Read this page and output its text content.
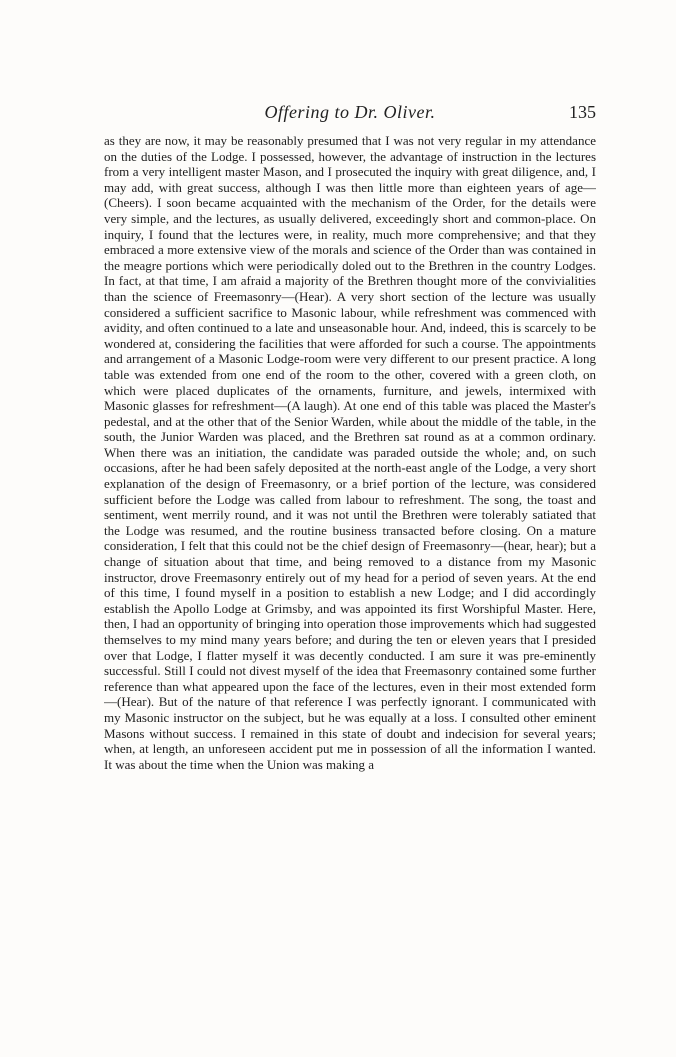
Offering to Dr. Oliver.	135

as they are now, it may be reasonably presumed that I was not very regular in my attendance on the duties of the Lodge. I possessed, however, the advantage of instruction in the lectures from a very intelligent master Mason, and I prosecuted the inquiry with great diligence, and, I may add, with great success, although I was then little more than eighteen years of age—(Cheers). I soon became acquainted with the mechanism of the Order, for the details were very simple, and the lectures, as usually delivered, exceedingly short and common-place. On inquiry, I found that the lectures were, in reality, much more comprehensive; and that they embraced a more extensive view of the morals and science of the Order than was contained in the meagre portions which were periodically doled out to the Brethren in the country Lodges. In fact, at that time, I am afraid a majority of the Brethren thought more of the convivialities than the science of Freemasonry—(Hear). A very short section of the lecture was usually considered a sufficient sacrifice to Masonic labour, while refreshment was commenced with avidity, and often continued to a late and unseasonable hour. And, indeed, this is scarcely to be wondered at, considering the facilities that were afforded for such a course. The appointments and arrangement of a Masonic Lodge-room were very different to our present practice. A long table was extended from one end of the room to the other, covered with a green cloth, on which were placed duplicates of the ornaments, furniture, and jewels, intermixed with Masonic glasses for refreshment—(A laugh). At one end of this table was placed the Master's pedestal, and at the other that of the Senior Warden, while about the middle of the table, in the south, the Junior Warden was placed, and the Brethren sat round as at a common ordinary. When there was an initiation, the candidate was paraded outside the whole; and, on such occasions, after he had been safely deposited at the north-east angle of the Lodge, a very short explanation of the design of Freemasonry, or a brief portion of the lecture, was considered sufficient before the Lodge was called from labour to refreshment. The song, the toast and sentiment, went merrily round, and it was not until the Brethren were tolerably satiated that the Lodge was resumed, and the routine business transacted before closing. On a mature consideration, I felt that this could not be the chief design of Freemasonry—(hear, hear); but a change of situation about that time, and being removed to a distance from my Masonic instructor, drove Freemasonry entirely out of my head for a period of seven years. At the end of this time, I found myself in a position to establish a new Lodge; and I did accordingly establish the Apollo Lodge at Grimsby, and was appointed its first Worshipful Master. Here, then, I had an opportunity of bringing into operation those improvements which had suggested themselves to my mind many years before; and during the ten or eleven years that I presided over that Lodge, I flatter myself it was decently conducted. I am sure it was pre-eminently successful. Still I could not divest myself of the idea that Freemasonry contained some further reference than what appeared upon the face of the lectures, even in their most extended form—(Hear). But of the nature of that reference I was perfectly ignorant. I communicated with my Masonic instructor on the subject, but he was equally at a loss. I consulted other eminent Masons without success. I remained in this state of doubt and indecision for several years; when, at length, an unforeseen accident put me in possession of all the information I wanted. It was about the time when the Union was making a
